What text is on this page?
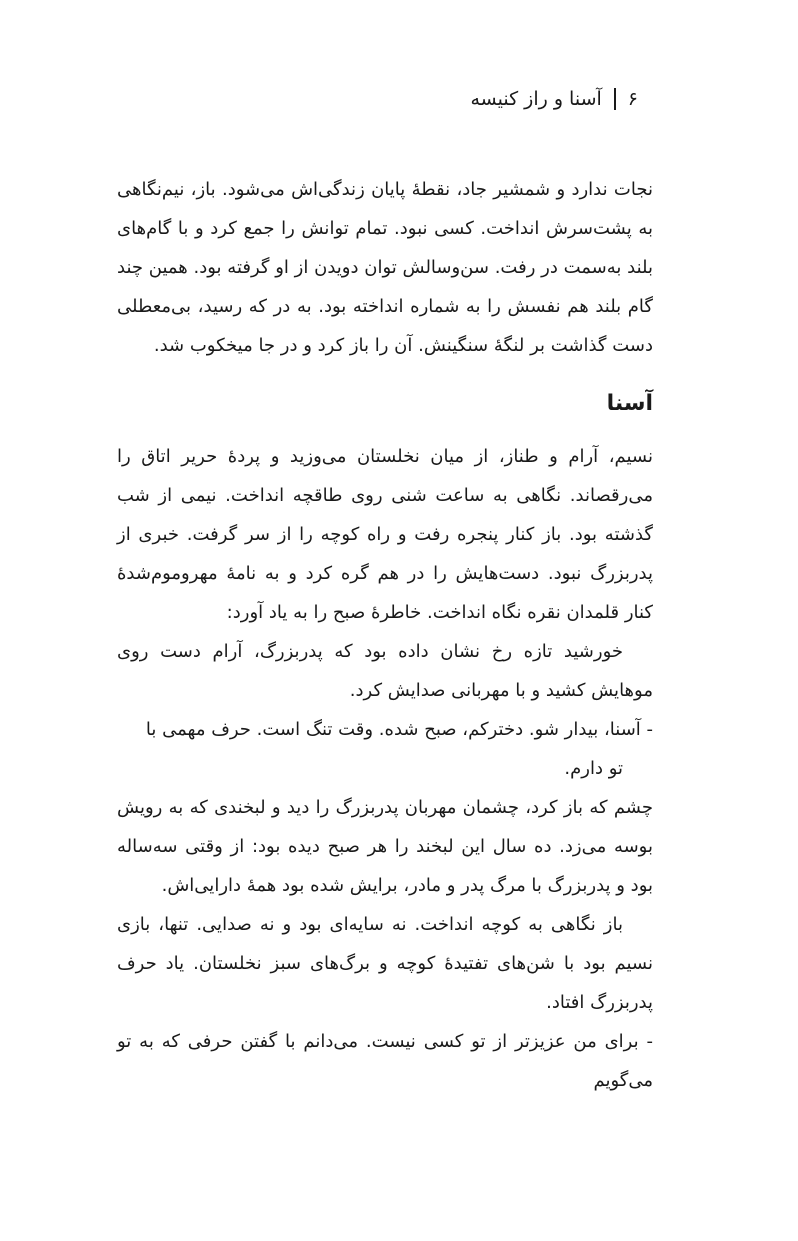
۶
آسنا و راز کنیسه

نجات ندارد و شمشیر جاد، نقطهٔ پایان زندگی‌اش می‌شود. باز، نیم‌نگاهی به پشت‌سرش انداخت. کسی نبود. تمام توانش را جمع کرد و با گام‌های بلند به‌سمت در رفت. سن‌وسالش توان دویدن از او گرفته بود. همین چند گام بلند هم نفسش را به شماره انداخته بود. به در که رسید، بی‌معطلی دست گذاشت بر لنگهٔ سنگینش. آن را باز کرد و در جا میخکوب شد.

آسنا

نسیم، آرام و طناز، از میان نخلستان می‌وزید و پردهٔ حریر اتاق را می‌رقصاند. نگاهی به ساعت شنی روی طاقچه انداخت. نیمی از شب گذشته بود. باز کنار پنجره رفت و راه کوچه را از سر گرفت. خبری از پدربزرگ نبود. دست‌هایش را در هم گره کرد و به نامهٔ مهروموم‌شدهٔ کنار قلمدان نقره نگاه انداخت. خاطرهٔ صبح را به یاد آورد:

خورشید تازه رخ نشان داده بود که پدربزرگ، آرام دست روی موهایش کشید و با مهربانی صدایش کرد.

- آسنا، بیدار شو. دخترکم، صبح شده. وقت تنگ است. حرف مهمی با
تو دارم.

چشم که باز کرد، چشمان مهربان پدربزرگ را دید و لبخندی که به رویش بوسه می‌زد. ده سال این لبخند را هر صبح دیده بود: از وقتی سه‌ساله بود و پدربزرگ با مرگ پدر و مادر، برایش شده بود همهٔ دارایی‌اش.

باز نگاهی به کوچه انداخت. نه سایه‌ای بود و نه صدایی. تنها، بازی نسیم بود با شن‌های تفتیدهٔ کوچه و برگ‌های سبز نخلستان. یاد حرف پدربزرگ افتاد.

- برای من عزیزتر از تو کسی نیست. می‌دانم با گفتن حرفی که به تو می‌گویم
